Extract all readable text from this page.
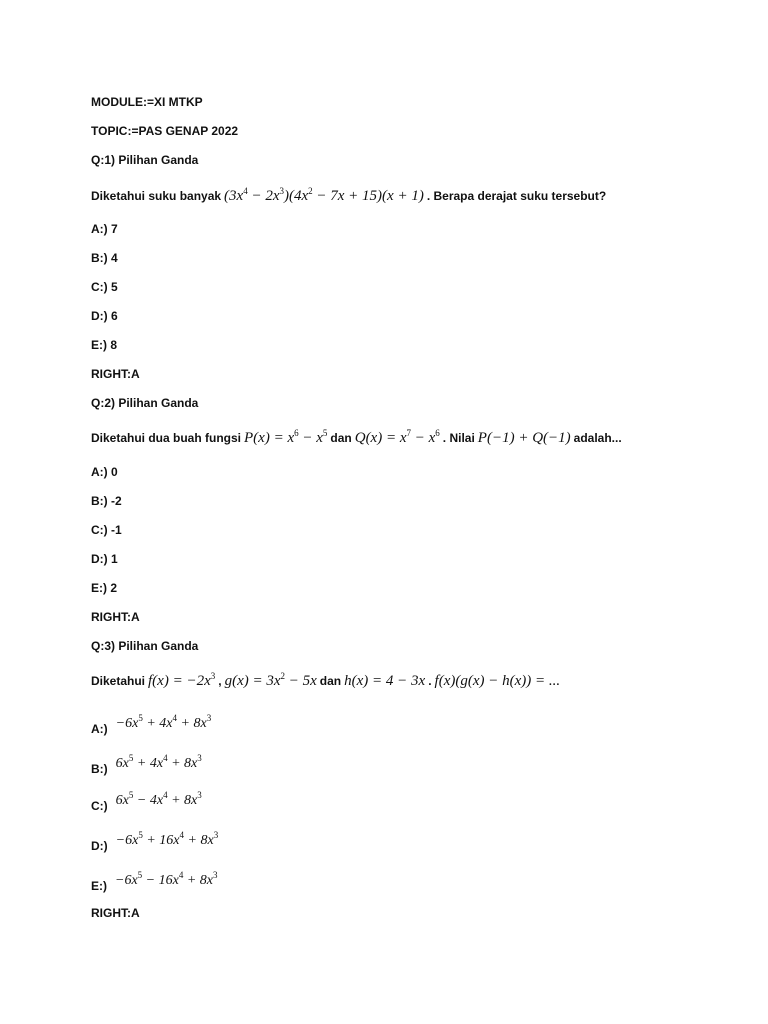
MODULE:=XI MTKP
TOPIC:=PAS GENAP 2022
Q:1) Pilihan Ganda
Diketahui suku banyak $(3x^4 - 2x^3)(4x^2 - 7x + 15)(x + 1)$ . Berapa derajat suku tersebut?
A:) 7
B:) 4
C:) 5
D:) 6
E:) 8
RIGHT:A
Q:2) Pilihan Ganda
Diketahui dua buah fungsi $P(x) = x^6 - x^5$ dan $Q(x) = x^7 - x^6$ . Nilai P(−1) + Q(−1) adalah...
A:) 0
B:) -2
C:) -1
D:) 1
E:) 2
RIGHT:A
Q:3) Pilihan Ganda
Diketahui $f(x) = -2x^3$ , $g(x) = 3x^2 - 5x$ dan h(x) = 4 − 3x . f(x)(g(x) − h(x)) = ...
A:) $-6x^5 + 4x^4 + 8x^3$
B:) $6x^5 + 4x^4 + 8x^3$
C:) $6x^5 - 4x^4 + 8x^3$
D:) $-6x^5 + 16x^4 + 8x^3$
E:) $-6x^5 - 16x^4 + 8x^3$
RIGHT:A
